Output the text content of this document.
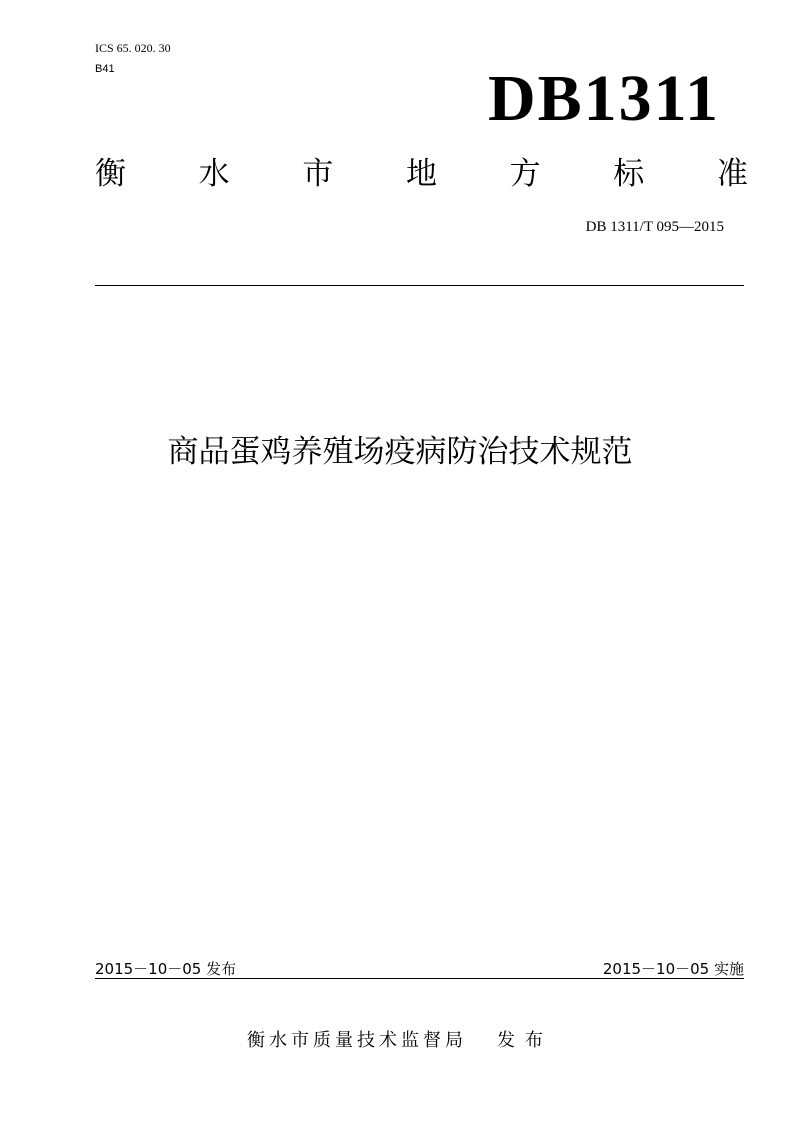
ICS 65. 020. 30
B41	DB1311
衡 水 市 地 方 标 准
DB 1311/T 095—2015
商品蛋鸡养殖场疫病防治技术规范
2015－10－05 发布	2015－10－05 实施
衡水市质量技术监督局 发布
